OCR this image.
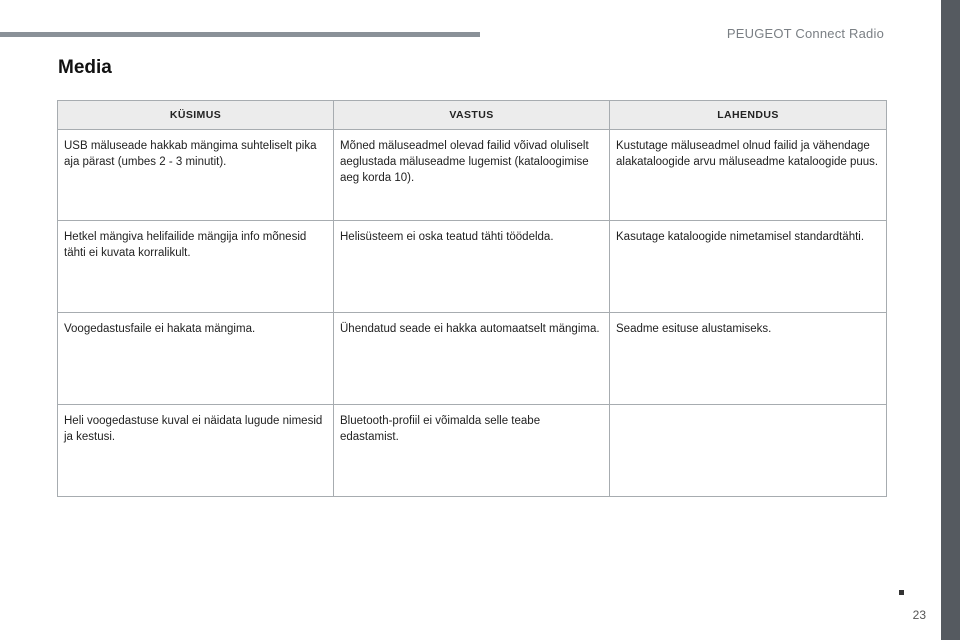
PEUGEOT Connect Radio
Media
KÜSIMUS	VASTUS	LAHENDUS
USB mäluseade hakkab mängima suhteliselt pika aja pärast (umbes 2 - 3 minutit).	Mõned mäluseadmel olevad failid võivad oluliselt aeglustada mäluseadme lugemist (kataloogimise aeg korda 10).	Kustutage mäluseadmel olnud failid ja vähendage alakataloogide arvu mäluseadme kataloogide puus.
Hetkel mängiva helifailide mängija info mõnesid tähti ei kuvata korralikult.	Helisüsteem ei oska teatud tähti töödelda.	Kasutage kataloogide nimetamisel standardtähti.
Voogedastusfaile ei hakata mängima.	Ühendatud seade ei hakka automaatselt mängima.	Seadme esituse alustamiseks.
Heli voogedastuse kuval ei näidata lugude nimesid ja kestusi.	Bluetooth-profiil ei võimalda selle teabe edastamist.	
23
